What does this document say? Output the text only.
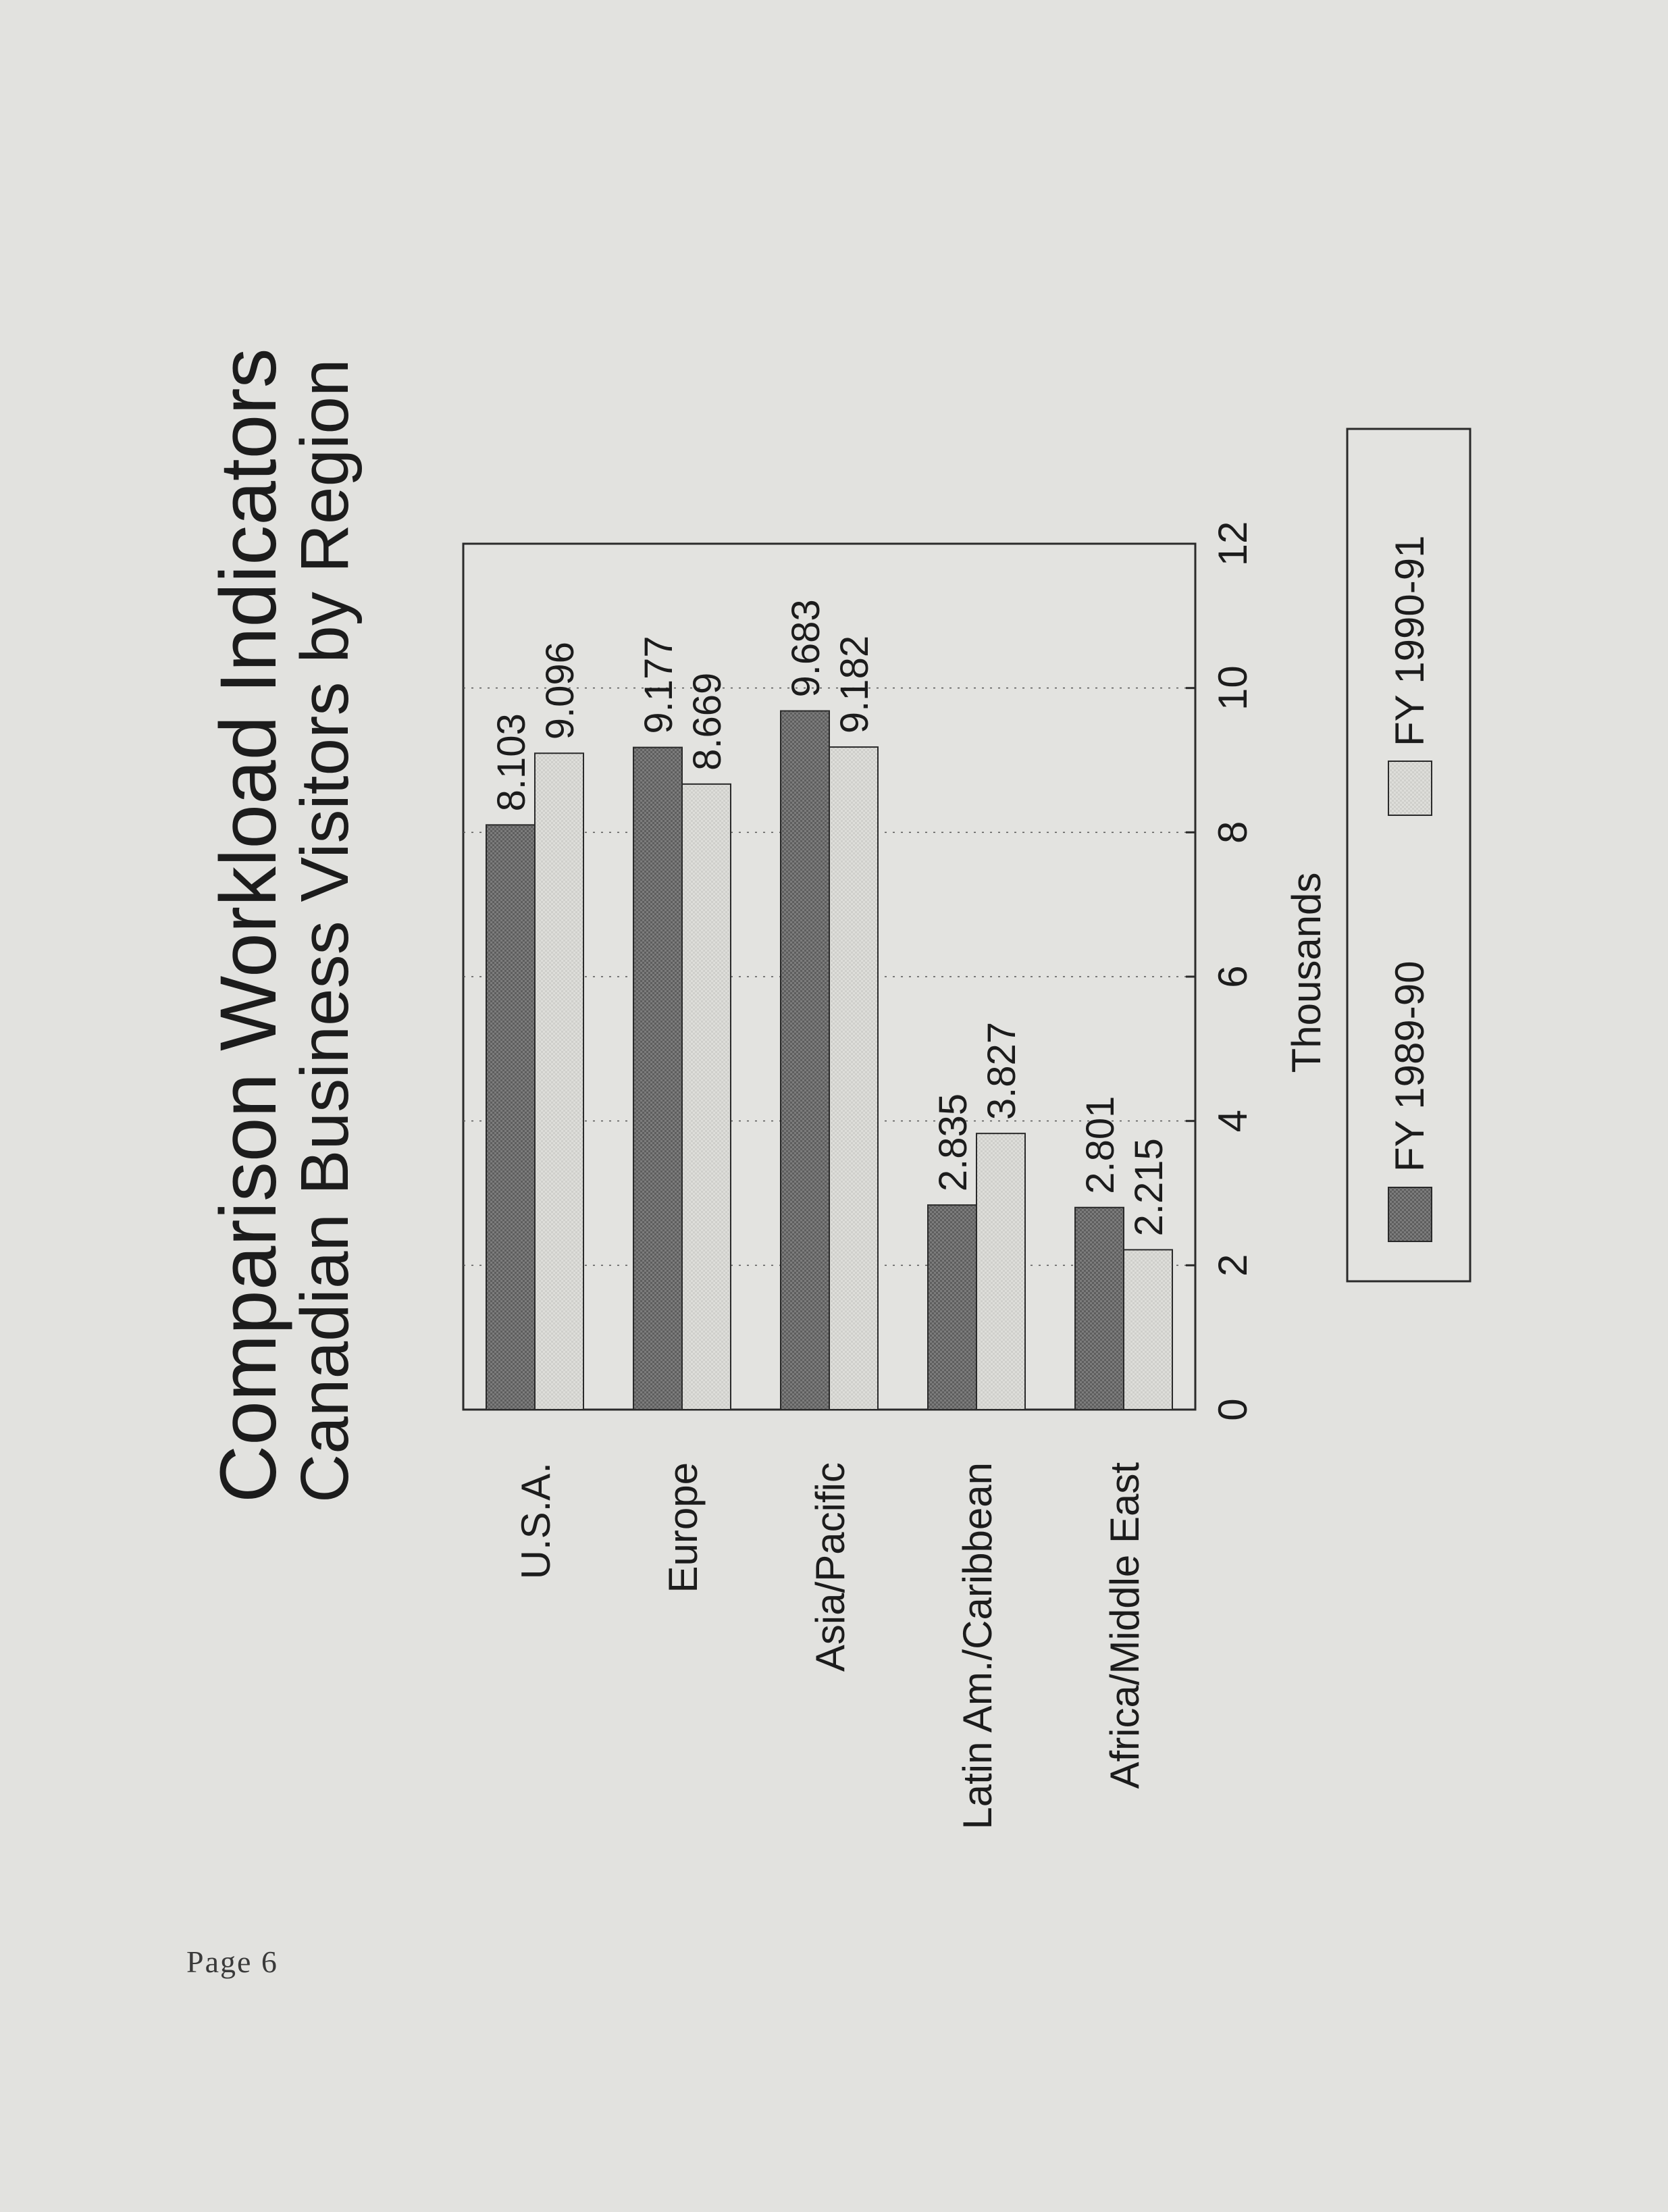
Comparison Workload Indicators
Canadian Business Visitors by Region	8.103
9.096 9.177 8.669
9.683 9.182
2.835
3.827
2.801 2.215
0
2
4
6
8
10
12
U.S.A.	Europe	Asia/Pacific	Latin Am./Caribbean	Africa/Middle East
Thousands FY 1989-90
FY 1990-91
Page 6
